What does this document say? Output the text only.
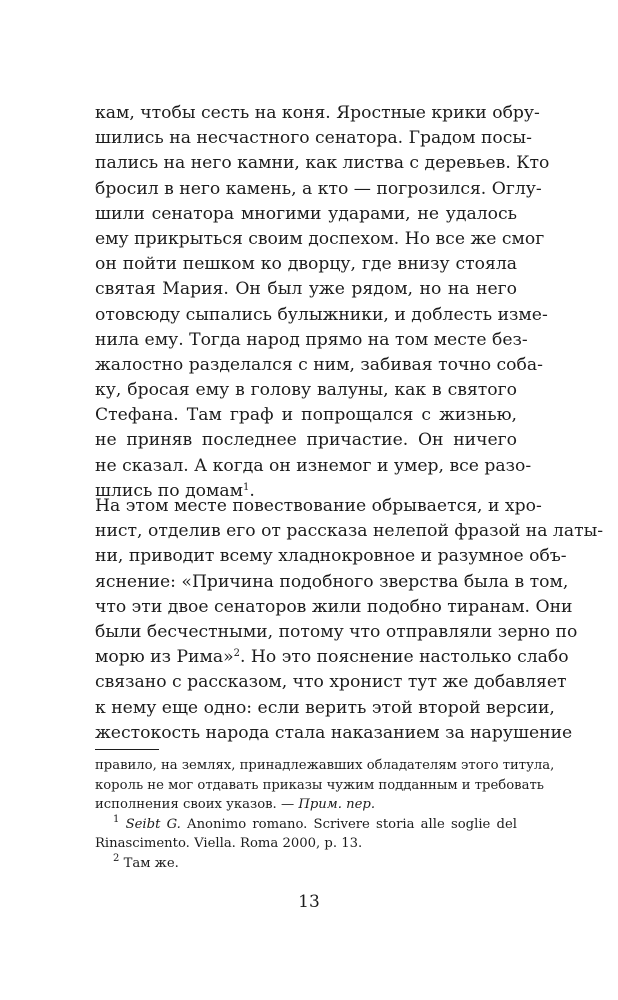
кам, чтобы сесть на коня. Яростные крики обру-
шились на несчастного сенатора. Градом посы-
пались на него камни, как листва с деревьев. Кто
бросил в него камень, а кто — погрозился. Оглу-
шили сенатора многими ударами, не удалось
ему прикрыться своим доспехом. Но все же смог
он пойти пешком ко дворцу, где внизу стояла
святая Мария. Он был уже рядом, но на него
отовсюду сыпались булыжники, и доблесть изме-
нила ему. Тогда народ прямо на том месте без-
жалостно разделался с ним, забивая точно соба-
ку, бросая ему в голову валуны, как в святого
Стефана. Там граф и попрощался с жизнью,
не приняв последнее причастие. Он ничего
не сказал. А когда он изнемог и умер, все разо-
шлись по домам$^1$.
На этом месте повествование обрывается, и хро-
нист, отделив его от рассказа нелепой фразой на латы-
ни, приводит всему хладнокровное и разумное объ-
яснение: «Причина подобного зверства была в том,
что эти двое сенаторов жили подобно тиранам. Они
были бесчестными, потому что отправляли зерно по
морю из Рима»$^2$. Но это пояснение настолько слабо
связано с рассказом, что хронист тут же добавляет
к нему еще одно: если верить этой второй версии,
жестокость народа стала наказанием за нарушение
правило, на землях, принадлежавших обладателям этого титула,
король не мог отдавать приказы чужим подданным и требовать
исполнения своих указов. — Прим. пер.
$^1$ Seibt G. Anonimo romano. Scrivere storia alle soglie del
Rinascimento. Viella. Roma 2000, p. 13.
$^2$ Там же.
13
